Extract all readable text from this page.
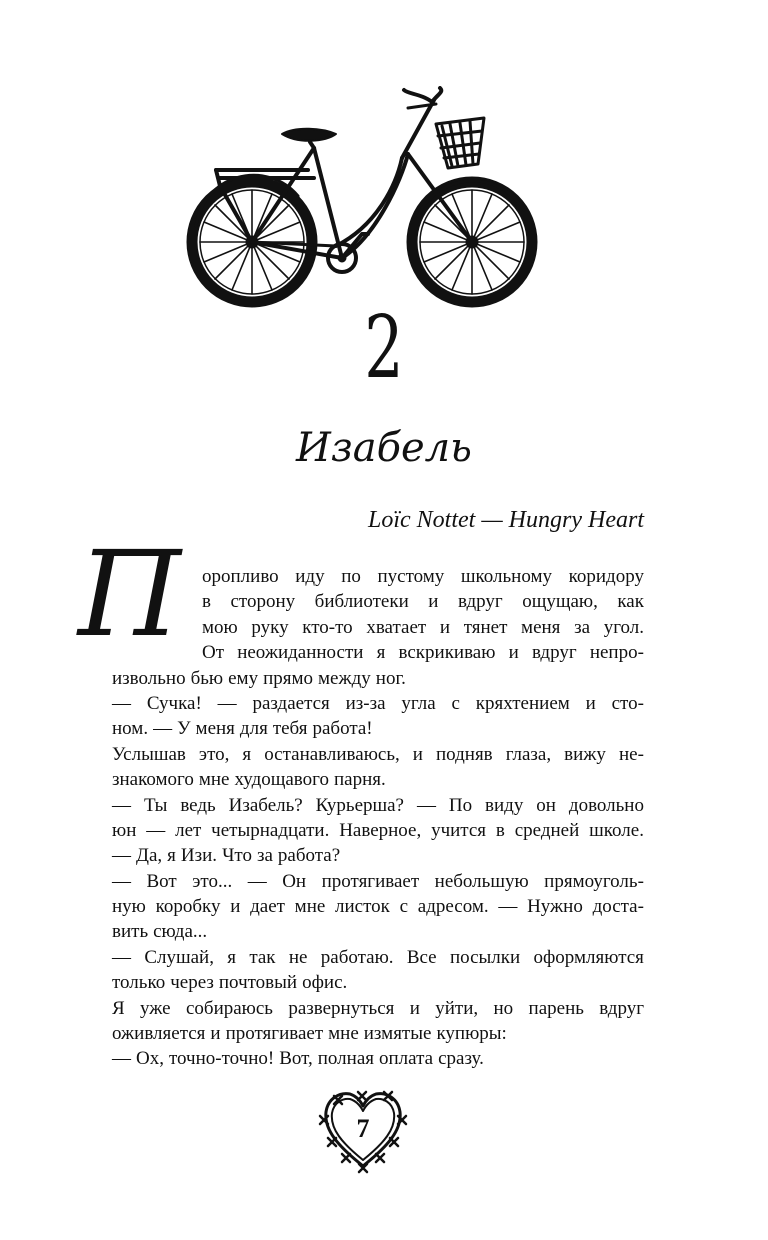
2
Изабель
Loïc Nottet — Hungry Heart
П	оропливо иду по пустому школьному коридору
в сторону библиотеки и вдруг ощущаю, как
мою руку кто-то хватает и тянет меня за угол.
От неожиданности я вскрикиваю и вдруг непро-
извольно бью ему прямо между ног.
— Сучка! — раздается из-за угла с кряхтением и сто-
ном. — У меня для тебя работа!
Услышав это, я останавливаюсь, и подняв глаза, вижу не-
знакомого мне худощавого парня.
— Ты ведь Изабель? Курьерша? — По виду он довольно
юн — лет четырнадцати. Наверное, учится в средней школе.
— Да, я Изи. Что за работа?
— Вот это... — Он протягивает небольшую прямоуголь-
ную коробку и дает мне листок с адресом. — Нужно доста-
вить сюда...
— Слушай, я так не работаю. Все посылки оформляются
только через почтовый офис.
Я уже собираюсь развернуться и уйти, но парень вдруг
оживляется и протягивает мне измятые купюры:
— Ох, точно-точно! Вот, полная оплата сразу.
7
